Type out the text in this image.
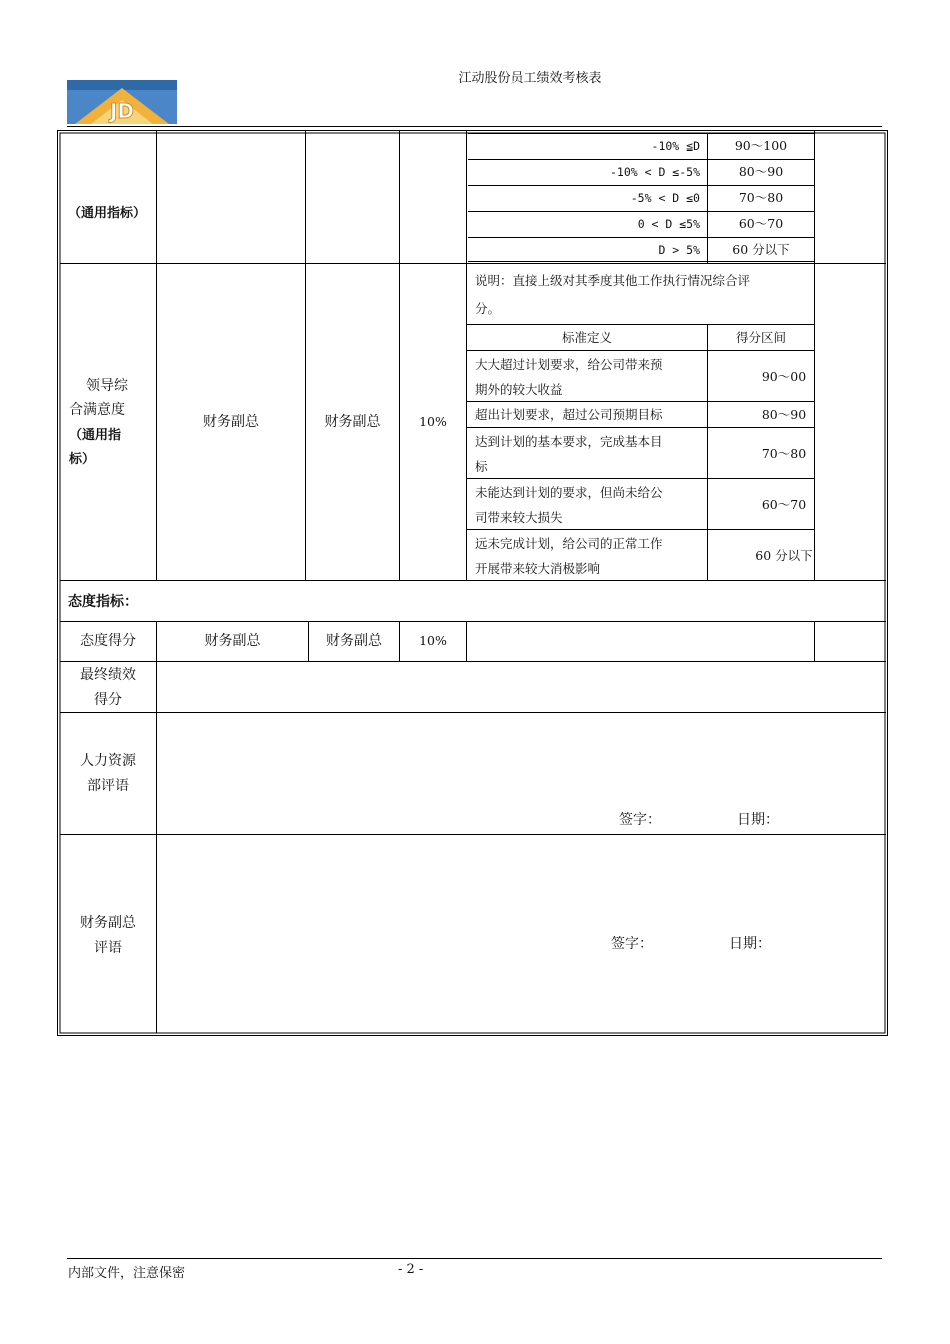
JD
江动股份员工绩效考核表
（通用指标）
-10% ≦D	90～100
-10% < D ≤-5%	80～90
-5% < D ≤0	70～80
0 < D ≤5%	60～70
D > 5%	60 分以下
领导综
合满意度
（通用指
标）
财务副总	财务副总	10%
说明：直接上级对其季度其他工作执行情况综合评
分。
标准定义	得分区间
大大超过计划要求，给公司带来预
期外的较大收益
90～00
超出计划要求，超过公司预期目标	80～90
达到计划的基本要求，完成基本目
标
70～80
未能达到计划的要求，但尚未给公
司带来较大损失
60～70
远未完成计划，给公司的正常工作
开展带来较大消极影响
60 分以下
态度指标：
态度得分	财务副总	财务副总	10%
最终绩效
得分
人力资源
部评语
签字：	日期：
财务副总
评语	签字：	日期：
内部文件，注意保密	- 2 -
